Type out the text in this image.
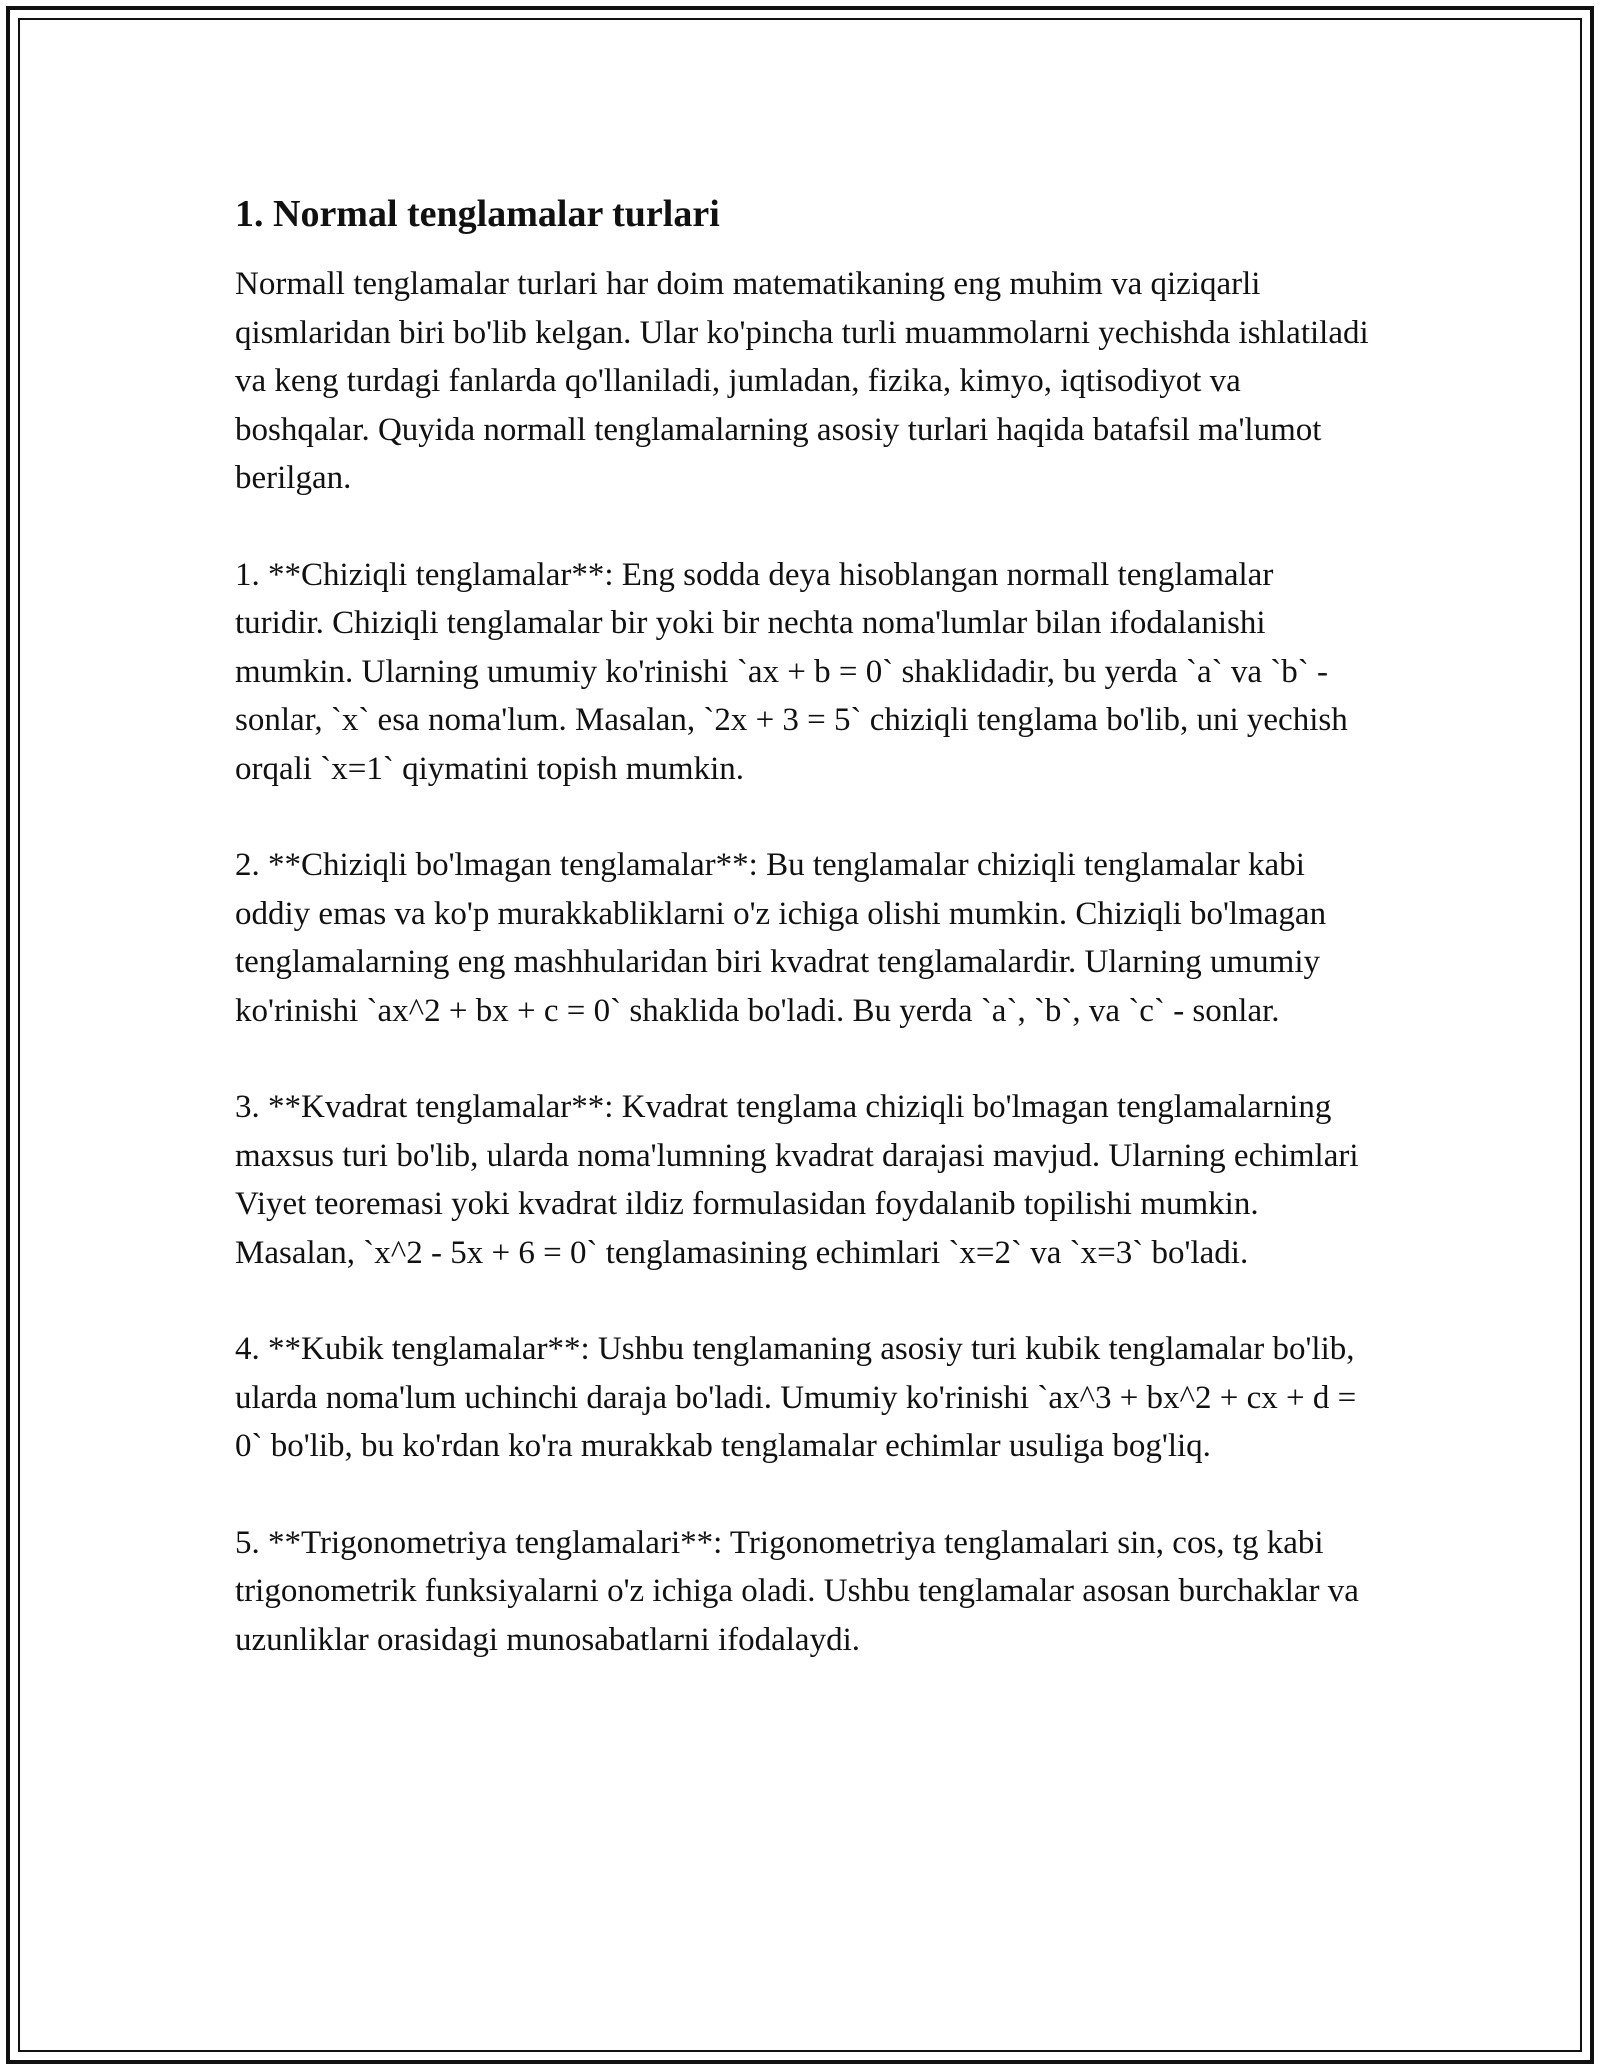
1. Normal tenglamalar turlari

Normall tenglamalar turlari har doim matematikaning eng muhim va qiziqarli qismlaridan biri bo'lib kelgan. Ular ko'pincha turli muammolarni yechishda ishlatiladi va keng turdagi fanlarda qo'llaniladi, jumladan, fizika, kimyo, iqtisodiyot va boshqalar. Quyida normall tenglamalarning asosiy turlari haqida batafsil ma'lumot berilgan.

1. **Chiziqli tenglamalar**: Eng sodda deya hisoblangan normall tenglamalar turidir. Chiziqli tenglamalar bir yoki bir nechta noma'lumlar bilan ifodalanishi mumkin. Ularning umumiy ko'rinishi `ax + b = 0` shaklidadir, bu yerda `a` va `b` - sonlar, `x` esa noma'lum. Masalan, `2x + 3 = 5` chiziqli tenglama bo'lib, uni yechish orqali `x=1` qiymatini topish mumkin.

2. **Chiziqli bo'lmagan tenglamalar**: Bu tenglamalar chiziqli tenglamalar kabi oddiy emas va ko'p murakkabliklarni o'z ichiga olishi mumkin. Chiziqli bo'lmagan tenglamalarning eng mashhularidan biri kvadrat tenglamalardir. Ularning umumiy ko'rinishi `ax^2 + bx + c = 0` shaklida bo'ladi. Bu yerda `a`, `b`, va `c` - sonlar.

3. **Kvadrat tenglamalar**: Kvadrat tenglama chiziqli bo'lmagan tenglamalarning maxsus turi bo'lib, ularda noma'lumning kvadrat darajasi mavjud. Ularning echimlari Viyet teoremasi yoki kvadrat ildiz formulasidan foydalanib topilishi mumkin. Masalan, `x^2 - 5x + 6 = 0` tenglamasining echimlari `x=2` va `x=3` bo'ladi.

4. **Kubik tenglamalar**: Ushbu tenglamaning asosiy turi kubik tenglamalar bo'lib, ularda noma'lum uchinchi daraja bo'ladi. Umumiy ko'rinishi `ax^3 + bx^2 + cx + d = 0` bo'lib, bu ko'rdan ko'ra murakkab tenglamalar echimlar usuliga bog'liq.

5. **Trigonometriya tenglamalari**: Trigonometriya tenglamalari sin, cos, tg kabi trigonometrik funksiyalarni o'z ichiga oladi. Ushbu tenglamalar asosan burchaklar va uzunliklar orasidagi munosabatlarni ifodalaydi.
